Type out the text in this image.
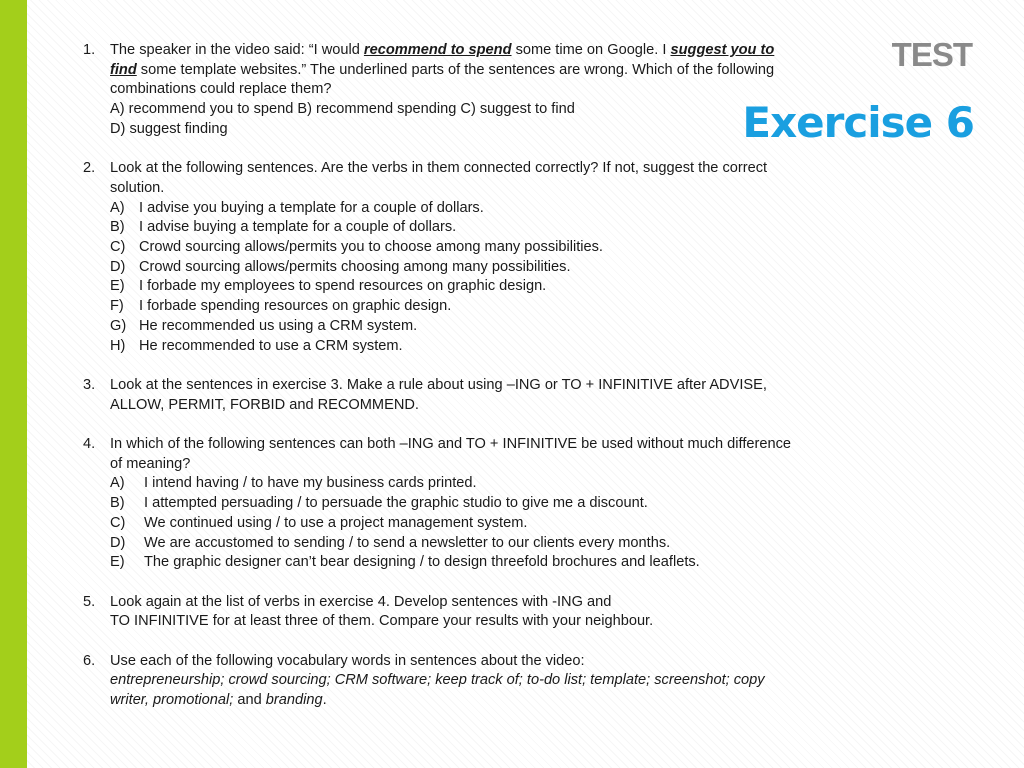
TEST
Exercise 6
1.	The speaker in the video said: “I would recommend to spend some time on Google. I suggest you to find some template websites.” The underlined parts of the sentences are wrong. Which of the following combinations could replace them?
A) recommend you to spend B) recommend spending C) suggest to find
D) suggest finding
2.	Look at the following sentences. Are the verbs in them connected correctly? If not, suggest the correct solution.
A) I advise you buying a template for a couple of dollars.
B) I advise buying a template for a couple of dollars.
C) Crowd sourcing allows/permits you to choose among many possibilities.
D) Crowd sourcing allows/permits choosing among many possibilities.
E) I forbade my employees to spend resources on graphic design.
F)	I forbade spending resources on graphic design.
G) He recommended us using a CRM system.
H) He recommended to use a CRM system.
3.	Look at the sentences in exercise 3. Make a rule about using –ING or TO + INFINITIVE after ADVISE, ALLOW, PERMIT, FORBID and RECOMMEND.
4.	In which of the following sentences can both –ING and TO + INFINITIVE be used without much difference of meaning?
A)	I intend having / to have my business cards printed.
B)	I attempted persuading / to persuade the graphic studio to give me a discount.
C)	We continued using / to use a project management system.
D)	We are accustomed to sending / to send a newsletter to our clients every months.
E)	The graphic designer can’t bear designing / to design threefold brochures and leaflets.
5.	Look again at the list of verbs in exercise 4. Develop sentences with -ING and
TO INFINITIVE for at least three of them. Compare your results with your neighbour.
6.	Use each of the following vocabulary words in sentences about the video:
entrepreneurship; crowd sourcing; CRM software; keep track of; to-do list; template; screenshot; copy writer, promotional; and branding.
